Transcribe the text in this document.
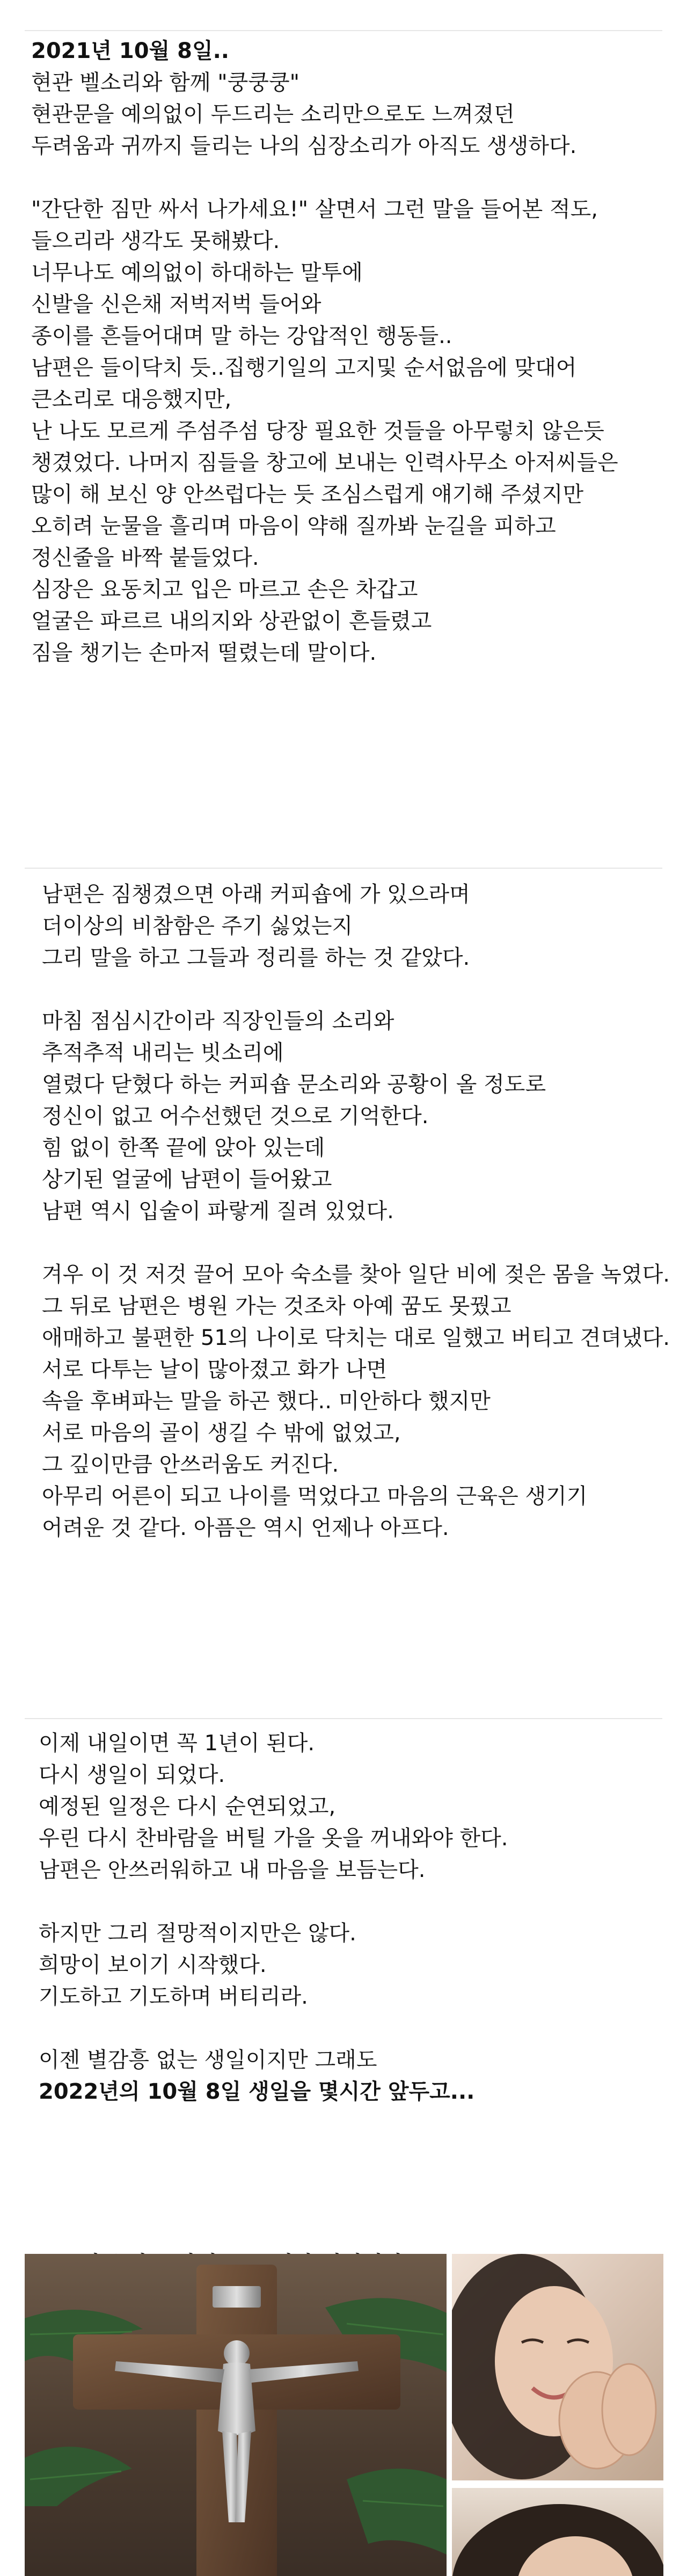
2021년 10월 8일..

현관 벨소리와 함께 "쿵쿵쿵"

현관문을 예의없이 두드리는 소리만으로도 느껴졌던

두려움과 귀까지 들리는 나의 심장소리가 아직도 생생하다.

"간단한 짐만 싸서 나가세요!" 살면서 그런 말을 들어본 적도,

들으리라 생각도 못해봤다.

너무나도 예의없이 하대하는 말투에

신발을 신은채 저벅저벅 들어와

종이를 흔들어대며 말 하는 강압적인 행동들..

남편은 들이닥치 듯..집행기일의 고지및 순서없음에 맞대어

큰소리로 대응했지만,

난 나도 모르게 주섬주섬 당장 필요한 것들을 아무렇치 않은듯 챙겼었다. 나머지 짐들을 창고에 보내는 인력사무소 아저씨들은

많이 해 보신 양 안쓰럽다는 듯 조심스럽게 얘기해 주셨지만

오히려 눈물을 흘리며 마음이 약해 질까봐 눈길을 피하고

정신줄을 바짝 붙들었다.

심장은 요동치고 입은 마르고 손은 차갑고

얼굴은 파르르 내의지와 상관없이 흔들렸고

짐을 챙기는 손마저 떨렸는데 말이다.

남편은 짐챙겼으면 아래 커피숍에 가 있으라며

더이상의 비참함은 주기 싫었는지

그리 말을 하고 그들과 정리를 하는 것 같았다.

마침 점심시간이라 직장인들의 소리와

추적추적 내리는 빗소리에

열렸다 닫혔다 하는 커피숍 문소리와 공황이 올 정도로

정신이 없고 어수선했던 것으로 기억한다.

힘 없이 한쪽 끝에 앉아 있는데

상기된 얼굴에 남편이 들어왔고

남편 역시 입술이 파랗게 질려 있었다.

겨우 이 것 저것 끌어 모아 숙소를 찾아 일단 비에 젖은 몸을 녹였다.

그 뒤로 남편은 병원 가는 것조차 아예 꿈도 못꿨고

애매하고 불편한 51의 나이로 닥치는 대로 일했고 버티고 견뎌냈다.

서로 다투는 날이 많아졌고 화가 나면

속을 후벼파는 말을 하곤 했다.. 미안하다 했지만

서로 마음의 골이 생길 수 밖에 없었고,

그 깊이만큼 안쓰러움도 커진다.

아무리 어른이 되고 나이를 먹었다고 마음의 근육은 생기기

어려운 것 같다. 아픔은 역시 언제나 아프다.

이제 내일이면 꼭 1년이 된다.

다시 생일이 되었다.

예정된 일정은 다시 순연되었고,

우린 다시 찬바람을 버틸 가을 옷을 꺼내와야 한다.

남편은 안쓰러워하고 내 마음을 보듬는다.

하지만 그리 절망적이지만은 않다.

희망이 보이기 시작했다.

기도하고 기도하며 버티리라.

이젠 별감흥 없는 생일이지만 그래도

2022년의 10월 8일 생일을 몇시간 앞두고...
